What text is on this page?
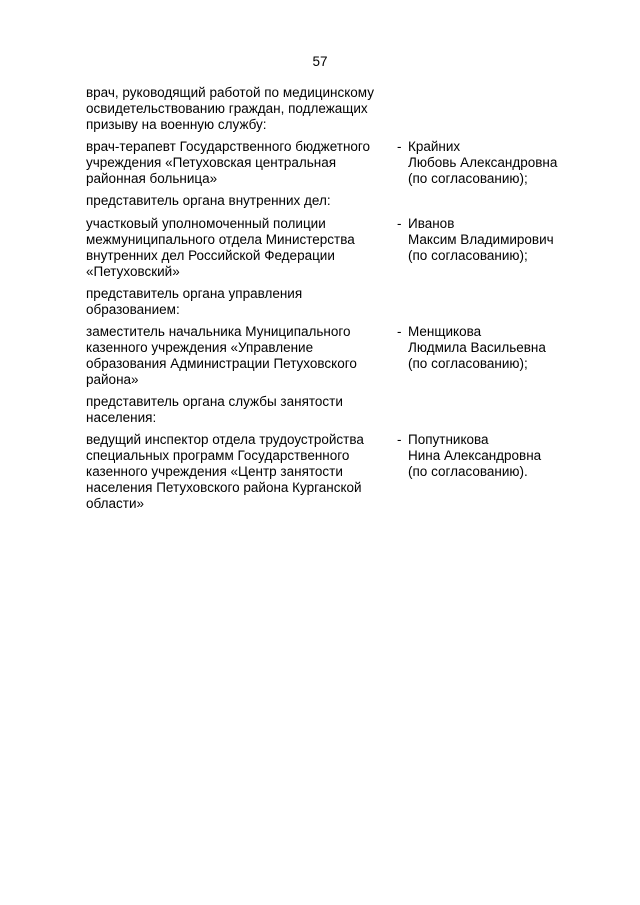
57
врач, руководящий работой по медицинскому
освидетельствованию граждан, подлежащих
призыву на военную службу:
врач-терапевт Государственного бюджетного
учреждения «Петуховская центральная
районная больница»
- Крайних
Любовь Александровна
(по согласованию);
представитель органа внутренних дел:
участковый уполномоченный полиции
межмуниципального отдела Министерства
внутренних дел Российской Федерации
«Петуховский»
- Иванов
Максим Владимирович
(по согласованию);
представитель органа управления
образованием:
заместитель начальника Муниципального
казенного учреждения «Управление
образования Администрации Петуховского
района»
- Менщикова
Людмила Васильевна
(по согласованию);
представитель органа службы занятости
населения:
ведущий инспектор отдела трудоустройства
специальных программ Государственного
казенного учреждения «Центр занятости
населения Петуховского района Курганской
области»
- Попутникова
Нина Александровна
(по согласованию).
